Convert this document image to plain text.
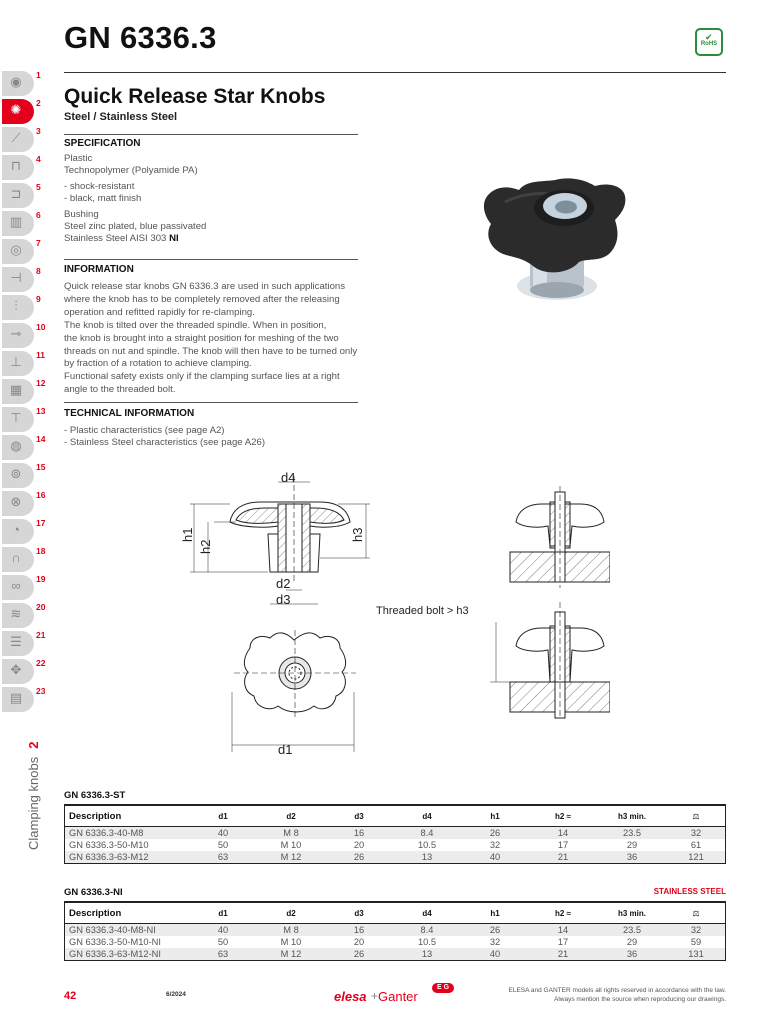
GN 6336.3	✔
RoHS
◉ 1
✺ 2
⟋	3
⊓	4
⊐ 5
▥ 6
◎ 7
⊣ 8
⫶	9
⊸ 10
⊥ 11
▦ 12
⊤ 13
◍ 14
⊚ 15
⊗ 16
◔	17
∩	18
∞	19
≋ 20
☰ 21
✥ 22
▤ 23
Clamping knobs2
Quick Release Star Knobs
Steel / Stainless Steel
SPECIFICATION
Plastic
Technopolymer (Polyamide PA)
- shock-resistant
- black, matt finish
Bushing
Steel zinc plated, blue passivated
Stainless Steel AISI 303 NI
INFORMATION
Quick release star knobs GN 6336.3 are used in such applications
where the knob has to be completely removed after the releasing
operation and refitted rapidly for re-clamping.
The knob is tilted over the threaded spindle. When in position,
the knob is brought into a straight position for meshing of the two
threads on nut and spindle. The knob will then have to be turned only
by fraction of a rotation to achieve clamping.
Functional safety exists only if the clamping surface lies at a right
angle to the threaded bolt.
TECHNICAL INFORMATION
- Plastic characteristics (see page A2)
- Stainless Steel characteristics (see page A26)
d4
h1
h2
h3
d2
d3
d1
Threaded bolt > h3
GN 6336.3-ST
Description	d1	d2	d3	d4	h1	h2 ≈	h3 min.	⚖
GN 6336.3-40-M8	40	M 8	16	8.4	26	14	23.5	32
GN 6336.3-50-M10	50	M 10	20	10.5	32	17	29	61
GN 6336.3-63-M12	63	M 12	26	13	40	21	36	121
GN 6336.3-NI	STAINLESS STEEL
Description	d1	d2	d3	d4	h1	h2 ≈	h3 min.	⚖
GN 6336.3-40-M8-NI	40	M 8	16	8.4	26	14	23.5	32
GN 6336.3-50-M10-NI	50	M 10	20	10.5	32	17	29	59
GN 6336.3-63-M12-NI	63	M 12	26	13	40	21	36	131
42	6/2024	elesa + Ganter
E G	ELESA and GANTER models all rights reserved in accordance with the law.
Always mention the source when reproducing our drawings.
